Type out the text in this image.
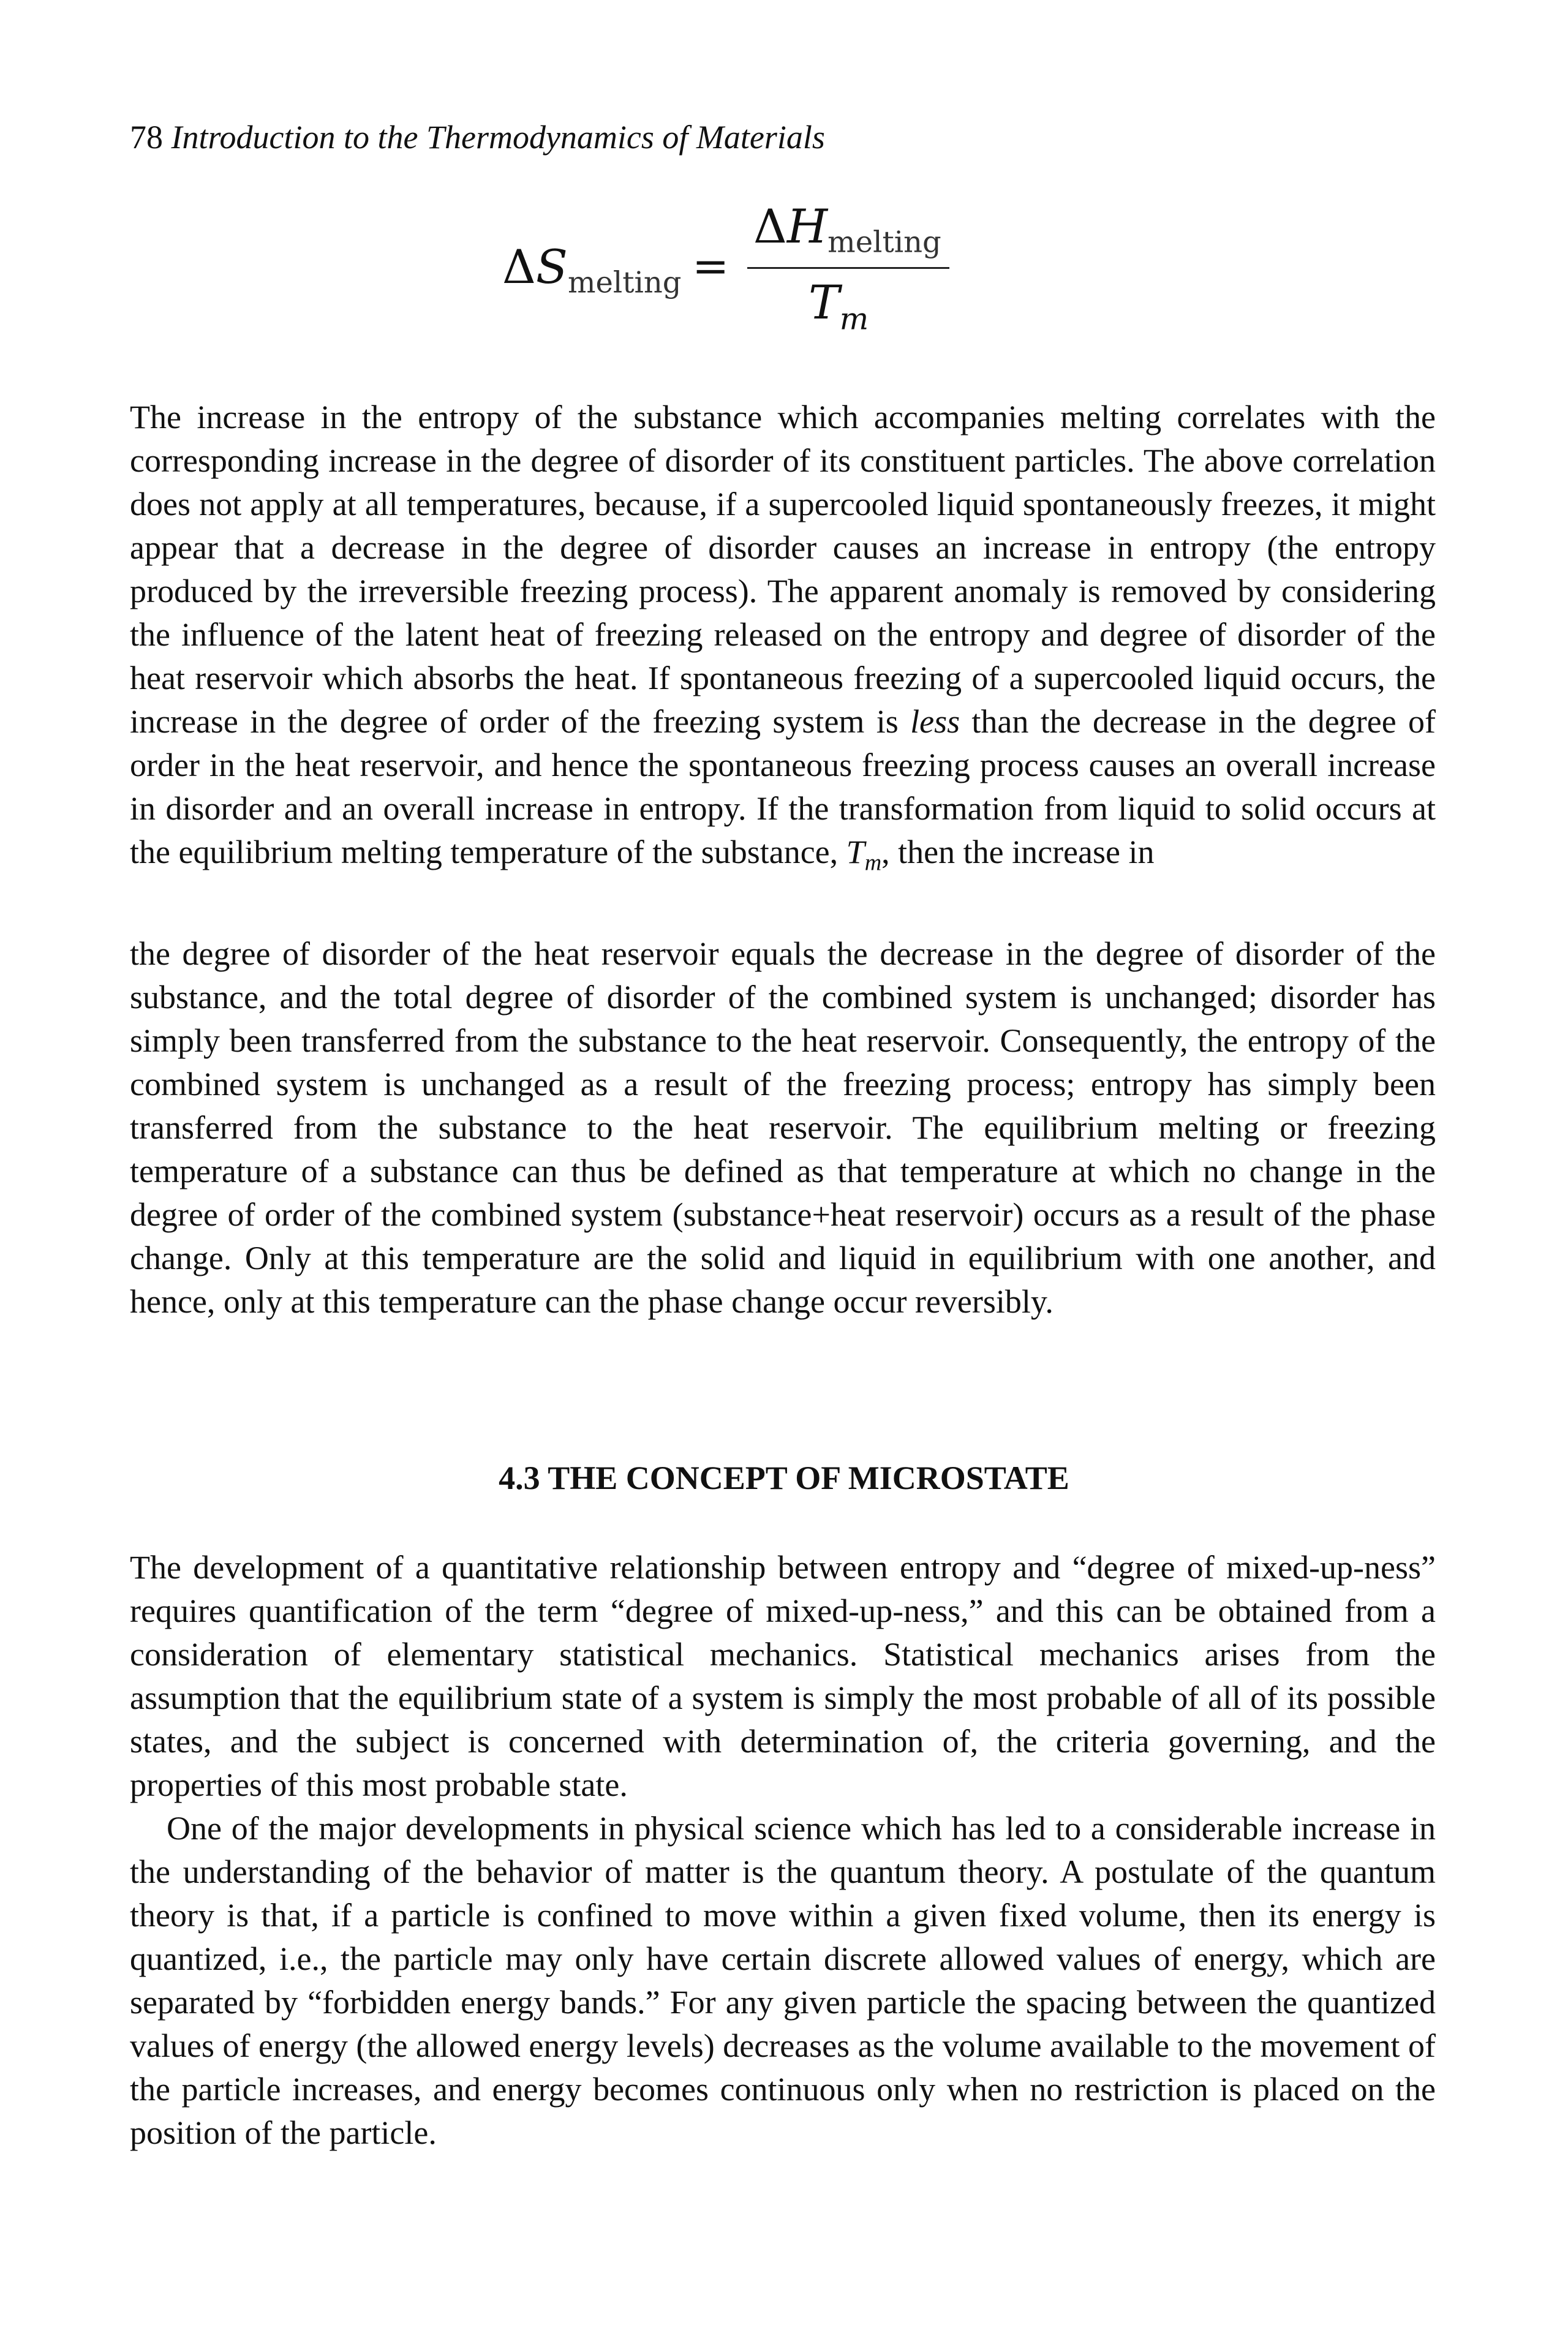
78 Introduction to the Thermodynamics of Materials
$\Delta S_{melting}$ =
$\Delta H_{melting}$
$T_m$

The increase in the entropy of the substance which accompanies melting correlates with the corresponding increase in the degree of disorder of its constituent particles. The above correlation does not apply at all temperatures, because, if a supercooled liquid spontaneously freezes, it might appear that a decrease in the degree of disorder causes an increase in entropy (the entropy produced by the irreversible freezing process). The apparent anomaly is removed by considering the influence of the latent heat of freezing released on the entropy and degree of disorder of the heat reservoir which absorbs the heat. If spontaneous freezing of a supercooled liquid occurs, the increase in the degree of order of the freezing system is less than the decrease in the degree of order in the heat reservoir, and hence the spontaneous freezing process causes an overall increase in disorder and an overall increase in entropy. If the transformation from liquid to solid occurs at the equilibrium melting temperature of the substance, $T_m$, then the increase in

the degree of disorder of the heat reservoir equals the decrease in the degree of disorder of the substance, and the total degree of disorder of the combined system is unchanged; disorder has simply been transferred from the substance to the heat reservoir. Consequently, the entropy of the combined system is unchanged as a result of the freezing process; entropy has simply been transferred from the substance to the heat reservoir. The equilibrium melting or freezing temperature of a substance can thus be defined as that temperature at which no change in the degree of order of the combined system (substance+heat reservoir) occurs as a result of the phase change. Only at this temperature are the solid and liquid in equilibrium with one another, and hence, only at this temperature can the phase change occur reversibly.

4.3 THE CONCEPT OF MICROSTATE

The development of a quantitative relationship between entropy and “degree of mixed-up-ness” requires quantification of the term “degree of mixed-up-ness,” and this can be obtained from a consideration of elementary statistical mechanics. Statistical mechanics arises from the assumption that the equilibrium state of a system is simply the most probable of all of its possible states, and the subject is concerned with determination of, the criteria governing, and the properties of this most probable state.

One of the major developments in physical science which has led to a considerable increase in the understanding of the behavior of matter is the quantum theory. A postulate of the quantum theory is that, if a particle is confined to move within a given fixed volume, then its energy is quantized, i.e., the particle may only have certain discrete allowed values of energy, which are separated by “forbidden energy bands.” For any given particle the spacing between the quantized values of energy (the allowed energy levels) decreases as the volume available to the movement of the particle increases, and energy becomes continuous only when no restriction is placed on the position of the particle.
